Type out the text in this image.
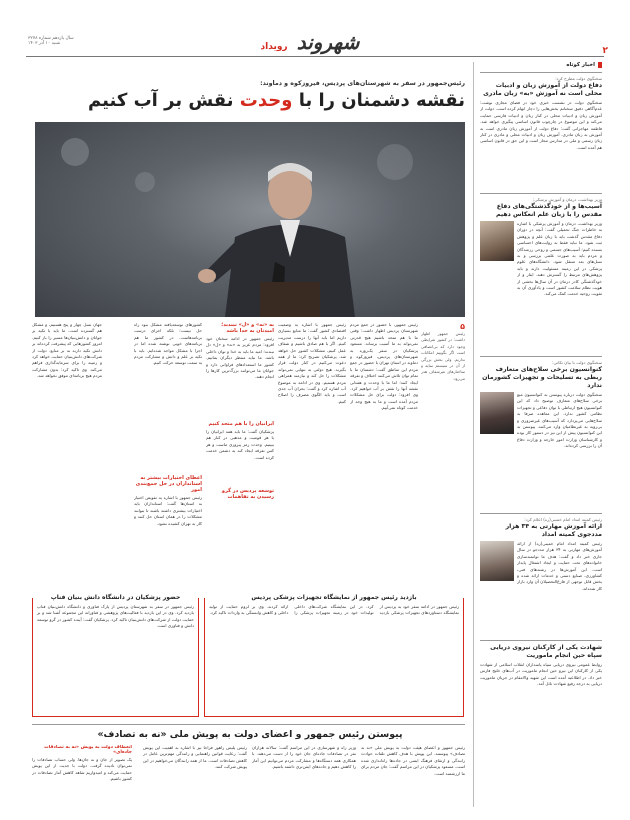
۲
شهروند رویداد
سال یازدهم شماره ۳۲۷۸
شنبه ۱۰ آذر ۱۴۰۳
اخبار کوتاه
سخنگوی دولت مطرح کرد:
دفاع دولت از آموزش زبان و ادبیات محلی است نه آموزش «به» زبان مادری
سخنگوی دولت در نشست خبری خود در فضای مجازی نوشت: عدم‌آگاهی دقیق سخنانم بخش‌هایی را دچار ابهام کرده است. دولت از آموزش زبان و ادبیات محلی در کنار زبان و ادبیات فارسی حمایت می‌کند و این موضوع در چارچوب قانون اساسی پیگیری خواهد شد. فاطمه مهاجرانی گفت: دفاع دولت از آموزش زبان مادری است نه آموزش به زبان مادری. آموزش زبان و ادبیات محلی و مادری در کنار زبان رسمی و ملی در مدارس مجاز است و این حق در قانون اساسی هم آمده است.
وزیر بهداشت، درمان و آموزش پزشکی:
آسیب‌ها و از خودگذشتگی‌های دفاع مقدس را با زبان علم انعکاس دهیم
وزیر بهداشت، درمان و آموزش پزشکی با اشاره به خاطرات جنگ تحمیلی گفت: آنچه در دوران دفاع مقدس گذشت باید با زبان علم و پژوهش ثبت شود. ما نباید فقط به روایت‌های احساسی بسنده کنیم؛ آسیب‌های جسمی و روحی رزمندگان و مردم باید به صورت علمی بررسی و به نسل‌های بعد منتقل شود. دانشگاه‌های علوم پزشکی در این زمینه مسئولیت دارند و باید پژوهش‌های مرتبط را گسترش دهند. ایثار و از خودگذشتگی کادر درمان در آن سال‌ها بخشی از هویت نظام سلامت کشور است و یادآوری آن به تقویت روحیه خدمت کمک می‌کند.
سخنگوی دولت با بیان نکاتی:
کنوانسیون برخی سلاح‌های متعارف ربطی به تسلیحات و تجهیزات کشورمان ندارد
سخنگوی دولت درباره پیوستن به کنوانسیون منع برخی سلاح‌های متعارف توضیح داد که این کنوانسیون هیچ ارتباطی با توان دفاعی و تجهیزات نظامی کشور ندارد. این معاهده صرفا به سلاح‌هایی می‌پردازد که آسیب‌های غیرضروری و بی‌رویه به غیرنظامیان وارد می‌کنند. پیوستن به این کنوانسیون پیش از این نیز در دستور کار بوده و کارشناسان وزارت امور خارجه و وزارت دفاع آن را بررسی کرده‌اند.
رئیس کمیته امداد امام خمینی(ره) اعلام کرد:
ارائه آموزش مهارتی به ۳۴ هزار مددجوی کمیته امداد
رئیس کمیته امداد امام خمینی(ره) از ارائه آموزش‌های مهارتی به ۳۴ هزار مددجو در سال جاری خبر داد و گفت: هدف ما توانمندسازی خانواده‌های تحت حمایت و ایجاد اشتغال پایدار است. این آموزش‌ها در رشته‌های فنی، کشاورزی، صنایع دستی و خدمات ارائه شده و بخش قابل توجهی از فارغ‌التحصیلان آن وارد بازار کار شده‌اند.
شهادت یکی از کارکنان نیروی دریایی سپاه حین انجام ماموریت
روابط عمومی نیروی دریایی سپاه پاسداران انقلاب اسلامی از شهادت یکی از کارکنان این نیرو حین انجام ماموریت در آب‌های خلیج فارس خبر داد. در اطلاعیه آمده است این شهید والامقام در جریان ماموریت دریایی به درجه رفیع شهادت نائل آمد.
رئیس‌جمهور در سفر به شهرستان‌های پردیس، فیروزکوه و دماوند:
نقشه دشمنان را با وحدت نقش بر آب کنیم
۵
رئیس جمهور اظهار داشت: در کشور شرایطی وجود دارد که بی‌انصافی است اگر بگوییم امکانات نداریم. ولی بخش بزرگی از آن در سیستم سایه و ساختارهای غیرشفاف هدر می‌رود.
رئیس جمهور، با حضور در جمع مردم شهرستان پردیس اظهار داشت: وقتی ما با هم متحد باشیم هیچ قدرتی نمی‌تواند به ما آسیب برساند. مسعود پزشکیان در سفر یک‌روزه به شهرستان‌های پردیس، فیروزکوه و دماوند در استان تهران با حضور در جمع مردم این مناطق گفت: دشمنان ما با تمام توان تلاش می‌کنند اختلاف و تفرقه ایجاد کنند؛ اما ما با وحدت و همدلی نقشه آنها را نقش بر آب خواهیم کرد. وی افزود: دولت برای حل مشکلات مردم آمده است و ما به هیچ وجه از خدمت کوتاه نمی‌آییم.
رئیس جمهور با اشاره به وضعیت اقتصادی کشور گفت: ما منابع بسیاری داریم اما باید آنها را درست مدیریت کنیم. اگر با هم صادق باشیم و شفاف عمل کنیم، مشکلات کشور حل خواهد شد. پزشکیان تصریح کرد: ما از همه دعوت می‌کنیم در کنار دولت قرار بگیرند. هیچ دولتی به تنهایی نمی‌تواند مشکلات را حل کند و نیازمند همراهی مردم هستیم. وی در ادامه به موضوع آب اشاره کرد و گفت: بحران آب جدی است و باید الگوی مصرف را اصلاح کنیم.
به «نه» و «ل» نبندید؛ امیدتان به خدا باشد
رئیس جمهور در ادامه سخنان خود افزود: مردم عزیز به «نه» و «ل» دل نبندند؛ امید ما باید به خدا و توان داخلی باشد. ما نباید منتظر دیگران بمانیم. کشور ما استعدادهای فراوانی دارد و جوانان ما می‌توانند بزرگ‌ترین کارها را انجام دهند.
ایرانیان را با هم متحد کنیم
پزشکیان گفت: ما باید همه ایرانیان را با هر قومیت و مذهبی در کنار هم ببینیم. وحدت رمز پیروزی ماست و هر کس تفرقه ایجاد کند به دشمن خدمت کرده است.
توسعه پردیس در گرو رسیدن به تفاهمات
کشورهای توسعه‌یافته مشکل نبود راه حل نیست؛ بلکه اجرای درست برنامه‌هاست. در کشور ما هم برنامه‌های خوبی نوشته شده اما در اجرا با مشکل مواجه شده‌ایم. باید با تکیه بر علم و دانش و مشارکت مردم به سمت توسعه حرکت کنیم.
اعطای اختیارات بیشتر به استانداران در حل جمع‌بندی امور
رئیس جمهور با اشاره به تفویض اختیار به استان‌ها گفت: استانداران باید اختیارات بیشتری داشته باشند تا بتوانند مشکلات را در همان استان حل کنند و کار به تهران کشیده نشود.
جهان نسل چهار و پنج هستیم، و مشکل هم گسترده است. ما باید با تکیه بر جوانان و دانش‌بنیان‌ها مسیر را باز کنیم. امروز کشورهایی که پیشرفت کرده‌اند بر دانش تکیه دارند نه بر منابع. دولت از شرکت‌های دانش‌بنیان حمایت خواهد کرد و زمینه را برای سرمایه‌گذاری فراهم می‌کند. وی تاکید کرد: بدون مشارکت مردم هیچ برنامه‌ای موفق نخواهد شد.
حضور پزشکیان در دانشگاه دانش بنیان فناپ
رئیس جمهور در سفر به شهرستان پردیس از پارک فناوری و دانشگاه دانش‌بنیان فناپ بازدید کرد. وی در این بازدید با فعالیت‌های پژوهشی و فناورانه این مجموعه آشنا شد و بر حمایت دولت از شرکت‌های دانش‌بنیان تاکید کرد. پزشکیان گفت: آینده کشور در گرو توسعه دانش و فناوری است.
بازدید رئیس جمهور از نمایشگاه تجهیزات پزشکی پردیس
رئیس جمهور در ادامه سفر خود به پردیس از نمایشگاه دستاوردهای تجهیزات پزشکی بازدید کرد. در این نمایشگاه شرکت‌های داخلی تولیدات خود در زمینه تجهیزات پزشکی را ارائه کردند. وی بر لزوم حمایت از تولید داخلی و کاهش وابستگی به واردات تاکید کرد.
پیوستن رئیس جمهور و اعضای دولت به پویش ملی «نه به تصادف»
رئیس جمهور و اعضای هیئت دولت به پویش ملی «نه به تصادف» پیوستند. این پویش با هدف کاهش تلفات حوادث رانندگی و ارتقای فرهنگ ایمنی در جاده‌ها راه‌اندازی شده است. مسعود پزشکیان در این مراسم گفت: جان مردم برای ما ارزشمند است.
وزیر راه و شهرسازی در این مراسم گفت: سالانه هزاران نفر در تصادفات جاده‌ای جان خود را از دست می‌دهند. با همکاری همه دستگاه‌ها و مشارکت مردم می‌توانیم این آمار را کاهش دهیم و جاده‌های ایمن‌تری داشته باشیم.
رئیس پلیس راهور فراجا نیز با اشاره به اهمیت این پویش گفت: رعایت قوانین راهنمایی و رانندگی مهم‌ترین عامل در کاهش تصادفات است. ما از همه رانندگان می‌خواهیم در این پویش شرکت کنند.
انعطاف دولت به پویش «نه به تصادفات جاده‌ای»
یک تصویر از جان و نه جان‌ها. ولی حساب تصادفات را نمی‌توان نادیده گرفت. دولت با جدیت از این پویش حمایت می‌کند و امیدواریم شاهد کاهش آمار تصادفات در کشور باشیم.
